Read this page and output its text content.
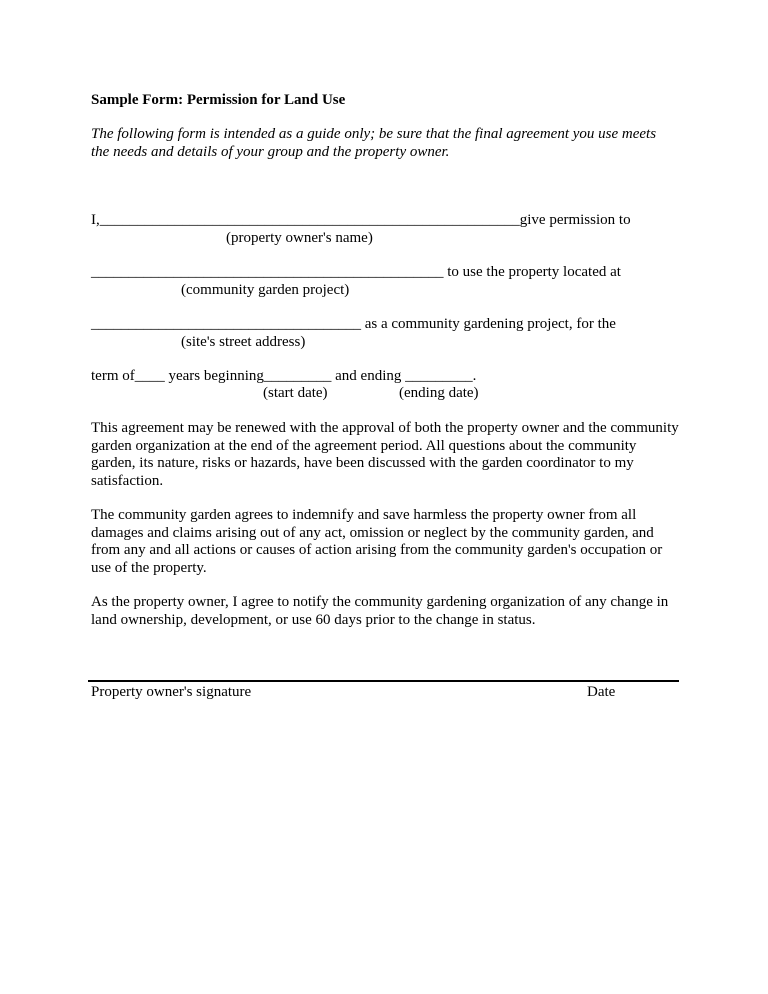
Sample Form: Permission for Land Use
The following form is intended as a guide only; be sure that the final agreement you use meets the needs and details of your group and the property owner.
I,________________________________________________________give permission to
(property owner's name)
_______________________________________________ to use the property located at
(community garden project)
____________________________________ as a community gardening project, for the
(site's street address)
term of____ years beginning_________ and ending _________.
(start date)	(ending date)
This agreement may be renewed with the approval of both the property owner and the community garden organization at the end of the agreement period. All questions about the community garden, its nature, risks or hazards, have been discussed with the garden coordinator to my satisfaction.
The community garden agrees to indemnify and save harmless the property owner from all damages and claims arising out of any act, omission or neglect by the community garden, and from any and all actions or causes of action arising from the community garden's occupation or use of the property.
As the property owner, I agree to notify the community gardening organization of any change in land ownership, development, or use 60 days prior to the change in status.
Property owner's signature	Date
